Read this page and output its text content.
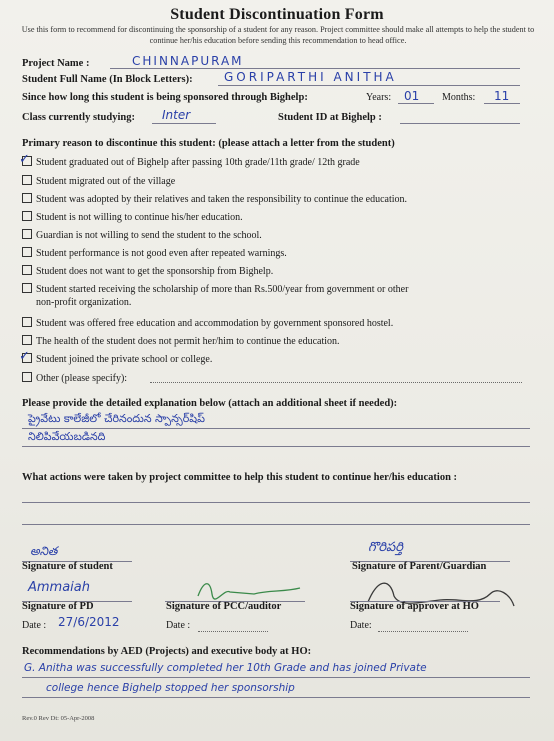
Student Discontinuation Form
Use this form to recommend for discontinuing the sponsorship of a student for any reason. Project committee should make all attempts to help the student to continue her/his education before sending this recommendation to head office.
Project Name :	CHINNAPURAM
Student Full Name (In Block Letters):	GORIPARTHI ANITHA
Since how long this student is being sponsored through Bighelp:	Years: 01 Months: 11
Class currently studying: Inter	Student ID at Bighelp :
Primary reason to discontinue this student: (please attach a letter from the student)
Student graduated out of Bighelp after passing 10th grade/11th grade/ 12th grade
✓
Student migrated out of the village
Student was adopted by their relatives and taken the responsibility to continue the education.
Student is not willing to continue his/her education.
Guardian is not willing to send the student to the school.
Student performance is not good even after repeated warnings.
Student does not want to get the sponsorship from Bighelp.
Student started receiving the scholarship of more than Rs.500/year from government or other
non-profit organization.
Student was offered free education and accommodation by government sponsored hostel.
The health of the student does not permit her/him to continue the education.
Student joined the private school or college.
✓
Other (please specify):
Please provide the detailed explanation below (attach an additional sheet if needed):
ప్రైవేటు కాలేజీలో చేరినందున స్పాన్సర్‌షిప్
నిలిపివేయబడినది
What actions were taken by project committee to help this student to continue her/his education :
అనిత
Signature of student
గొరిపర్తి
Signature of Parent/Guardian
Ammaiah
Signature of PD	Signature of PCC/auditor	Signature of approver at HO
Date : 27/6/2012	Date :	Date:
Recommendations by AED (Projects) and executive body at HO:
G. Anitha was successfully completed her 10th Grade and has joined Private
college hence Bighelp stopped her sponsorship
Rev.0 Rev Dt: 05-Apr-2008
